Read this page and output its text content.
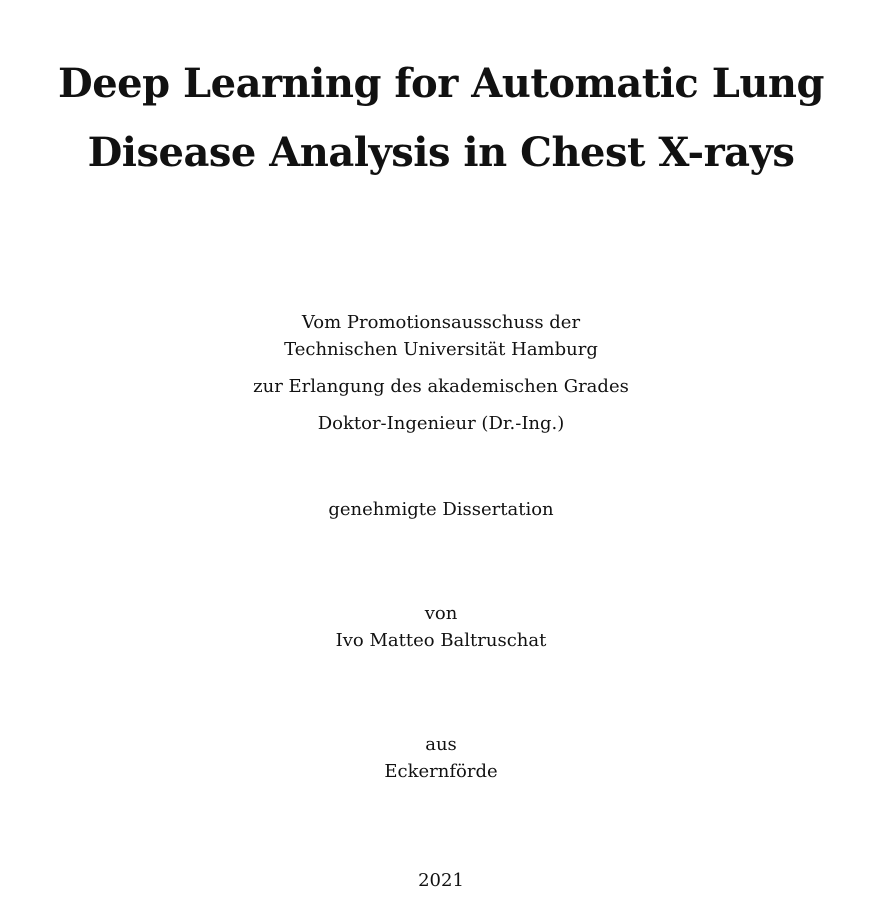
Deep Learning for Automatic Lung
Disease Analysis in Chest X-rays
Vom Promotionsausschuss der
Technischen Universität Hamburg
zur Erlangung des akademischen Grades
Doktor-Ingenieur (Dr.-Ing.)
genehmigte Dissertation
von
Ivo Matteo Baltruschat
aus
Eckernförde
2021
